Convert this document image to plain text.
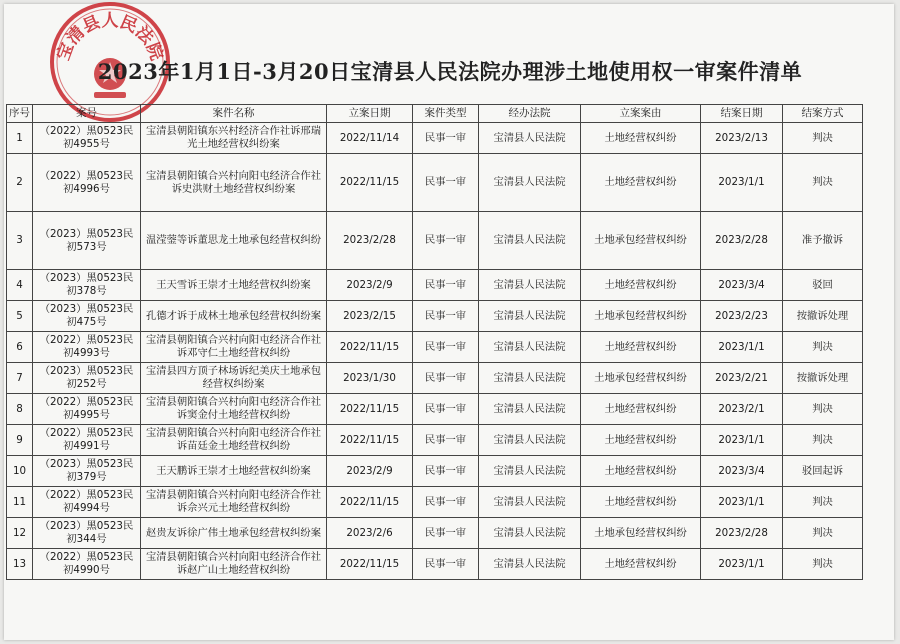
宝清县人民法院
2023年1月1日-3月20日宝清县人民法院办理涉土地使用权一审案件清单
序号	案号	案件名称	立案日期	案件类型	经办法院	立案案由	结案日期	结案方式
1	（2022）黑0523民初4955号	宝清县朝阳镇东兴村经济合作社诉邢瑞光土地经营权纠纷案	2022/11/14	民事一审	宝清县人民法院	土地经营权纠纷	2023/2/13	判决
2	（2022）黑0523民初4996号	宝清县朝阳镇合兴村向阳屯经济合作社诉史洪财土地经营权纠纷案	2022/11/15	民事一审	宝清县人民法院	土地经营权纠纷	2023/1/1	判决
3	（2023）黑0523民初573号	温滢蓥等诉董思龙土地承包经营权纠纷	2023/2/28	民事一审	宝清县人民法院	土地承包经营权纠纷	2023/2/28	准予撤诉
4	（2023）黑0523民初378号	王天雪诉王崇才土地经营权纠纷案	2023/2/9	民事一审	宝清县人民法院	土地经营权纠纷	2023/3/4	驳回
5	（2023）黑0523民初475号	孔德才诉于成林土地承包经营权纠纷案	2023/2/15	民事一审	宝清县人民法院	土地承包经营权纠纷	2023/2/23	按撤诉处理
6	（2022）黑0523民初4993号	宝清县朝阳镇合兴村向阳屯经济合作社诉邓守仁土地经营权纠纷	2022/11/15	民事一审	宝清县人民法院	土地经营权纠纷	2023/1/1	判决
7	（2023）黑0523民初252号	宝清县四方顶子林场诉纪美庆土地承包经营权纠纷案	2023/1/30	民事一审	宝清县人民法院	土地承包经营权纠纷	2023/2/21	按撤诉处理
8	（2022）黑0523民初4995号	宝清县朝阳镇合兴村向阳屯经济合作社诉窦金付土地经营权纠纷	2022/11/15	民事一审	宝清县人民法院	土地经营权纠纷	2023/2/1	判决
9	（2022）黑0523民初4991号	宝清县朝阳镇合兴村向阳屯经济合作社诉苗廷金土地经营权纠纷	2022/11/15	民事一审	宝清县人民法院	土地经营权纠纷	2023/1/1	判决
10	（2023）黑0523民初379号	王天鹏诉王崇才土地经营权纠纷案	2023/2/9	民事一审	宝清县人民法院	土地经营权纠纷	2023/3/4	驳回起诉
11	（2022）黑0523民初4994号	宝清县朝阳镇合兴村向阳屯经济合作社诉佘兴元土地经营权纠纷	2022/11/15	民事一审	宝清县人民法院	土地经营权纠纷	2023/1/1	判决
12	（2023）黑0523民初344号	赵贵友诉徐广伟土地承包经营权纠纷案	2023/2/6	民事一审	宝清县人民法院	土地承包经营权纠纷	2023/2/28	判决
13	（2022）黑0523民初4990号	宝清县朝阳镇合兴村向阳屯经济合作社诉赵广山土地经营权纠纷	2022/11/15	民事一审	宝清县人民法院	土地经营权纠纷	2023/1/1	判决
